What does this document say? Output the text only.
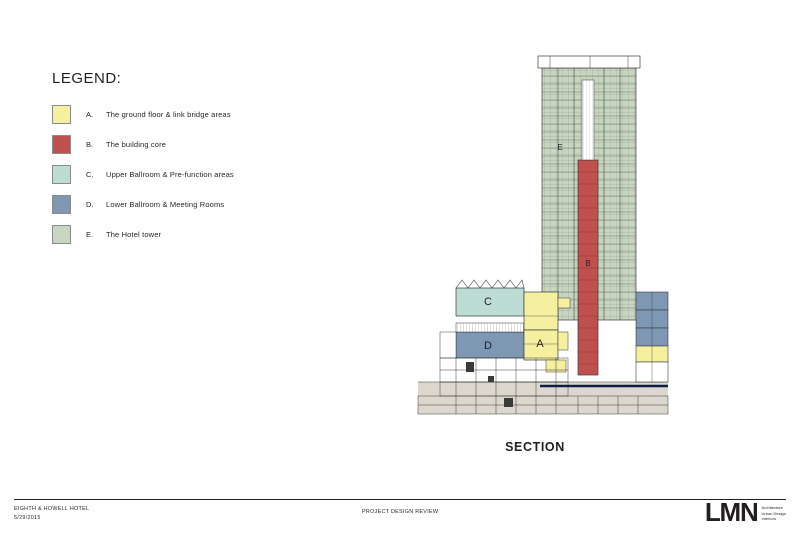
LEGEND:
A.	The ground floor & link bridge areas
B.	The building core
C.	Upper Ballroom & Pre-function areas
D.	Lower Ballroom & Meeting Rooms
E.	The Hotel tower
C
D	A
B
E
SECTION
EIGHTH & HOWELL HOTEL
5/29/2015
PROJECT DESIGN REVIEW	LMN Architecture
Urban Design
Interiors
